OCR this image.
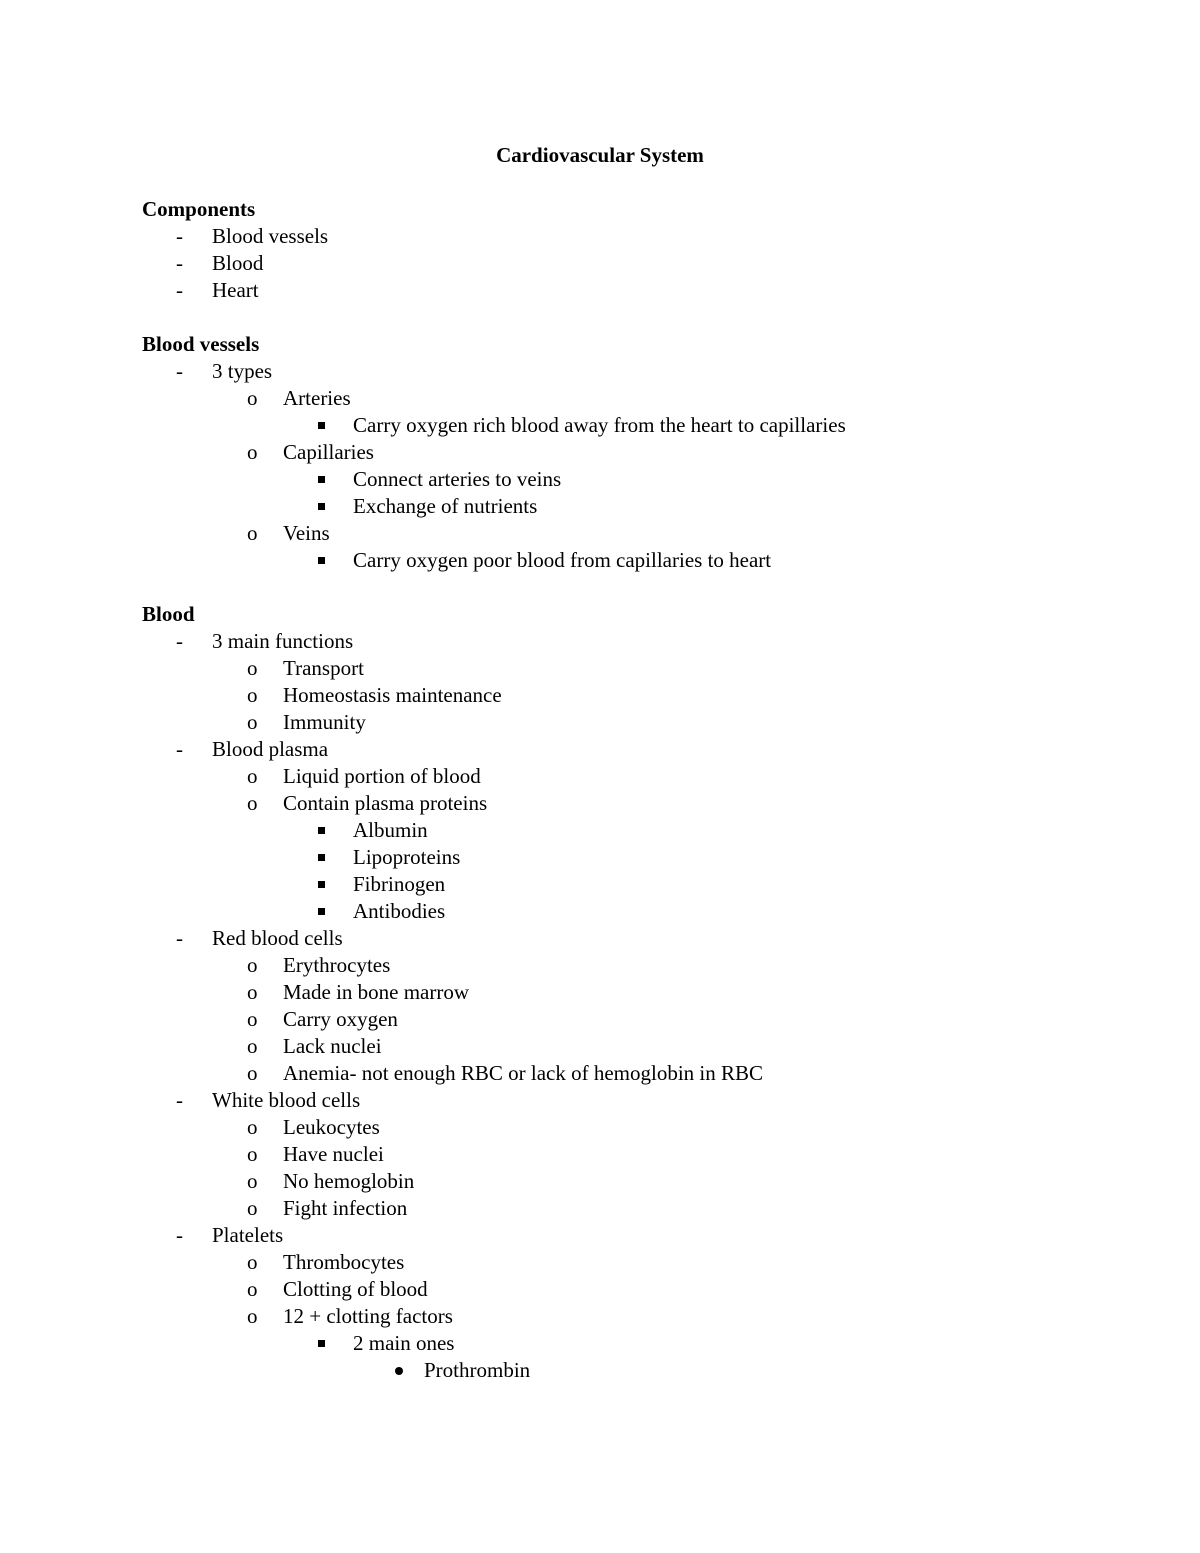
Cardiovascular System
Components
- Blood vessels
- Blood
- Heart
Blood vessels
- 3 types
o Arteries
Carry oxygen rich blood away from the heart to capillaries
o Capillaries
Connect arteries to veins
Exchange of nutrients
o Veins
Carry oxygen poor blood from capillaries to heart
Blood
- 3 main functions
o Transport
o Homeostasis maintenance
o Immunity
- Blood plasma
o Liquid portion of blood
o Contain plasma proteins
Albumin
Lipoproteins
Fibrinogen
Antibodies
- Red blood cells
o Erythrocytes
o Made in bone marrow
o Carry oxygen
o Lack nuclei
o Anemia- not enough RBC or lack of hemoglobin in RBC
- White blood cells
o Leukocytes
o Have nuclei
o No hemoglobin
o Fight infection
- Platelets
o Thrombocytes
o Clotting of blood
o 12 + clotting factors
2 main ones
Prothrombin
